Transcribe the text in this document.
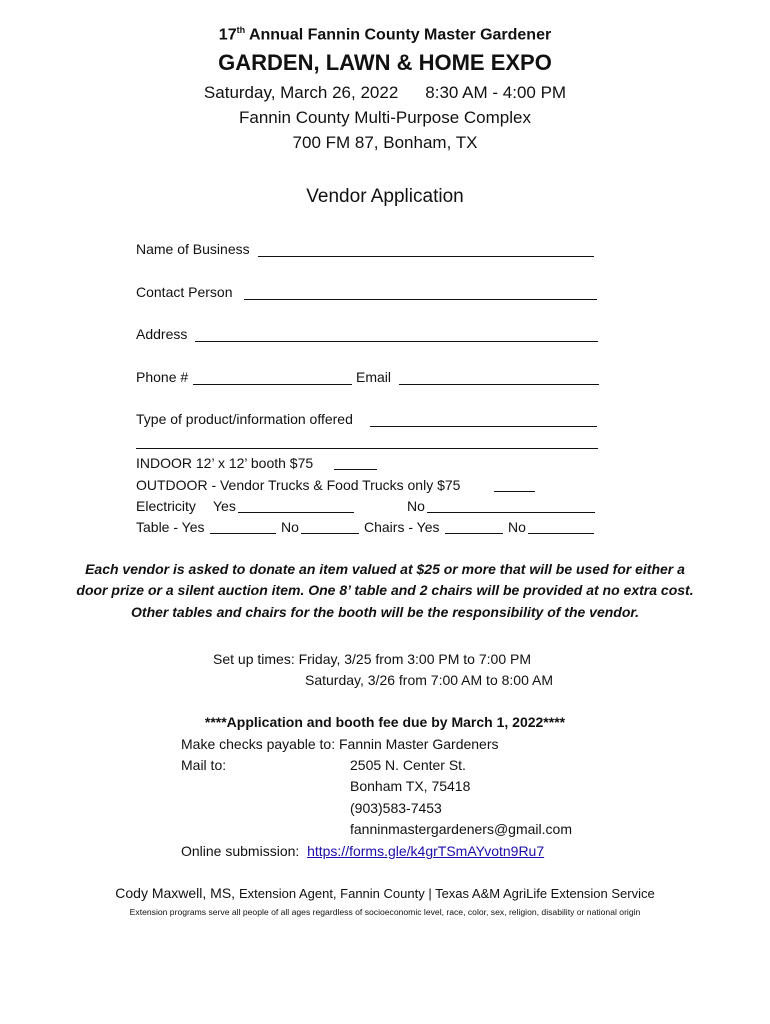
17th Annual Fannin County Master Gardener
GARDEN, LAWN & HOME EXPO
Saturday, March 26, 2022 8:30 AM - 4:00 PM
Fannin County Multi-Purpose Complex
700 FM 87, Bonham, TX
Vendor Application
Name of Business
Contact Person
Address
Phone #	Email
Type of product/information offered
INDOOR 12’ x 12’ booth $75
OUTDOOR - Vendor Trucks & Food Trucks only $75
Electricity Yes	No
Table - Yes	No	Chairs - Yes	No
Each vendor is asked to donate an item valued at $25 or more that will be used for either a
door prize or a silent auction item. One 8’ table and 2 chairs will be provided at no extra cost.
Other tables and chairs for the booth will be the responsibility of the vendor.
Set up times: Friday, 3/25 from 3:00 PM to 7:00 PM
Saturday, 3/26 from 7:00 AM to 8:00 AM
****Application and booth fee due by March 1, 2022****
Make checks payable to: Fannin Master Gardeners
Mail to:	2505 N. Center St.
Bonham TX, 75418
(903)583-7453
fanninmastergardeners@gmail.com
Online submission: https://forms.gle/k4grTSmAYvotn9Ru7
Cody Maxwell, MS, Extension Agent, Fannin County | Texas A&M AgriLife Extension Service
Extension programs serve all people of all ages regardless of socioeconomic level, race, color, sex, religion, disability or national origin
